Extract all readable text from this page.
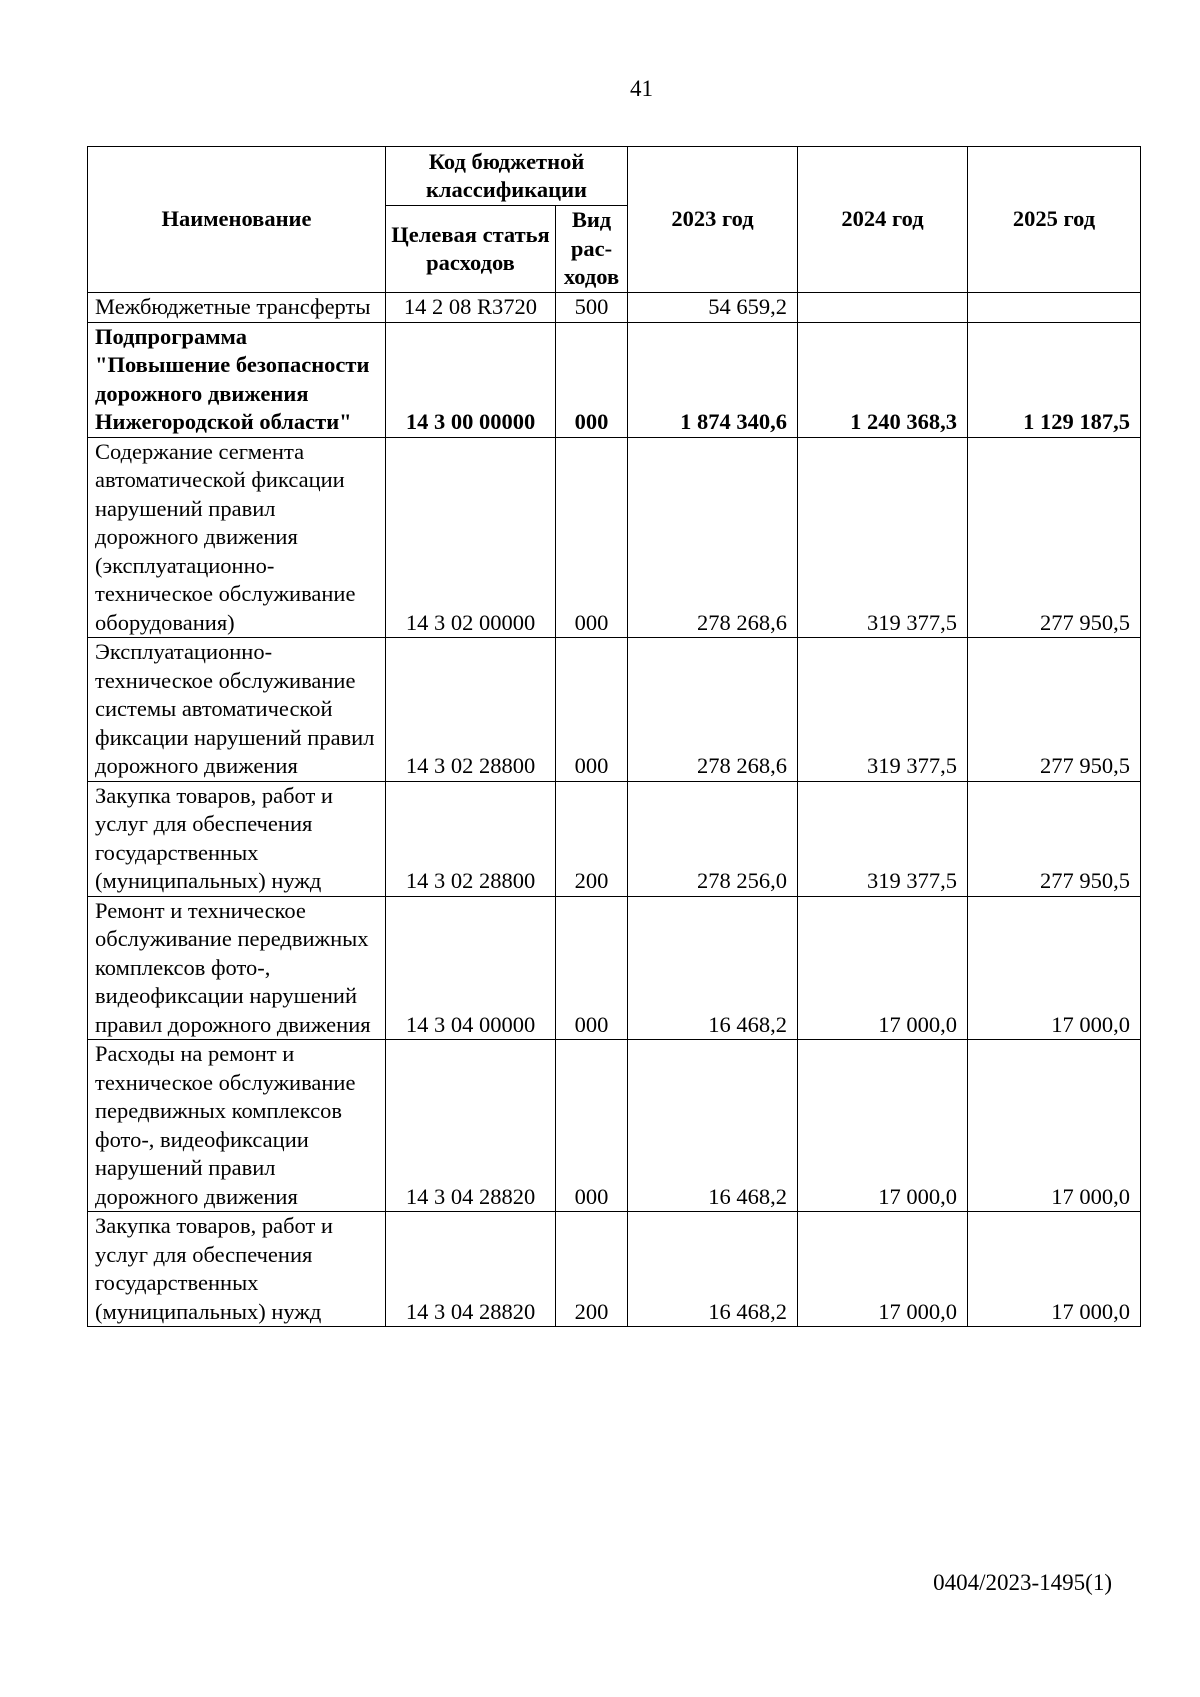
41
Наименование	Код бюджетной классификации		2023 год	2024 год	2025 год
	Целевая статья расходов	Вид рас- ходов			
Межбюджетные трансферты	14 2 08 R3720	500	54 659,2		
Подпрограмма "Повышение безопасности дорожного движения Нижегородской области"	14 3 00 00000	000	1 874 340,6	1 240 368,3	1 129 187,5
Содержание сегмента автоматической фиксации нарушений правил дорожного движения (эксплуатационно-техническое обслуживание оборудования)	14 3 02 00000	000	278 268,6	319 377,5	277 950,5
Эксплуатационно-техническое обслуживание системы автоматической фиксации нарушений правил дорожного движения	14 3 02 28800	000	278 268,6	319 377,5	277 950,5
Закупка товаров, работ и услуг для обеспечения государственных (муниципальных) нужд	14 3 02 28800	200	278 256,0	319 377,5	277 950,5
Ремонт и техническое обслуживание передвижных комплексов фото-, видеофиксации нарушений правил дорожного движения	14 3 04 00000	000	16 468,2	17 000,0	17 000,0
Расходы на ремонт и техническое обслуживание передвижных комплексов фото-, видеофиксации нарушений правил дорожного движения	14 3 04 28820	000	16 468,2	17 000,0	17 000,0
Закупка товаров, работ и услуг для обеспечения государственных (муниципальных) нужд	14 3 04 28820	200	16 468,2	17 000,0	17 000,0
0404/2023-1495(1)
